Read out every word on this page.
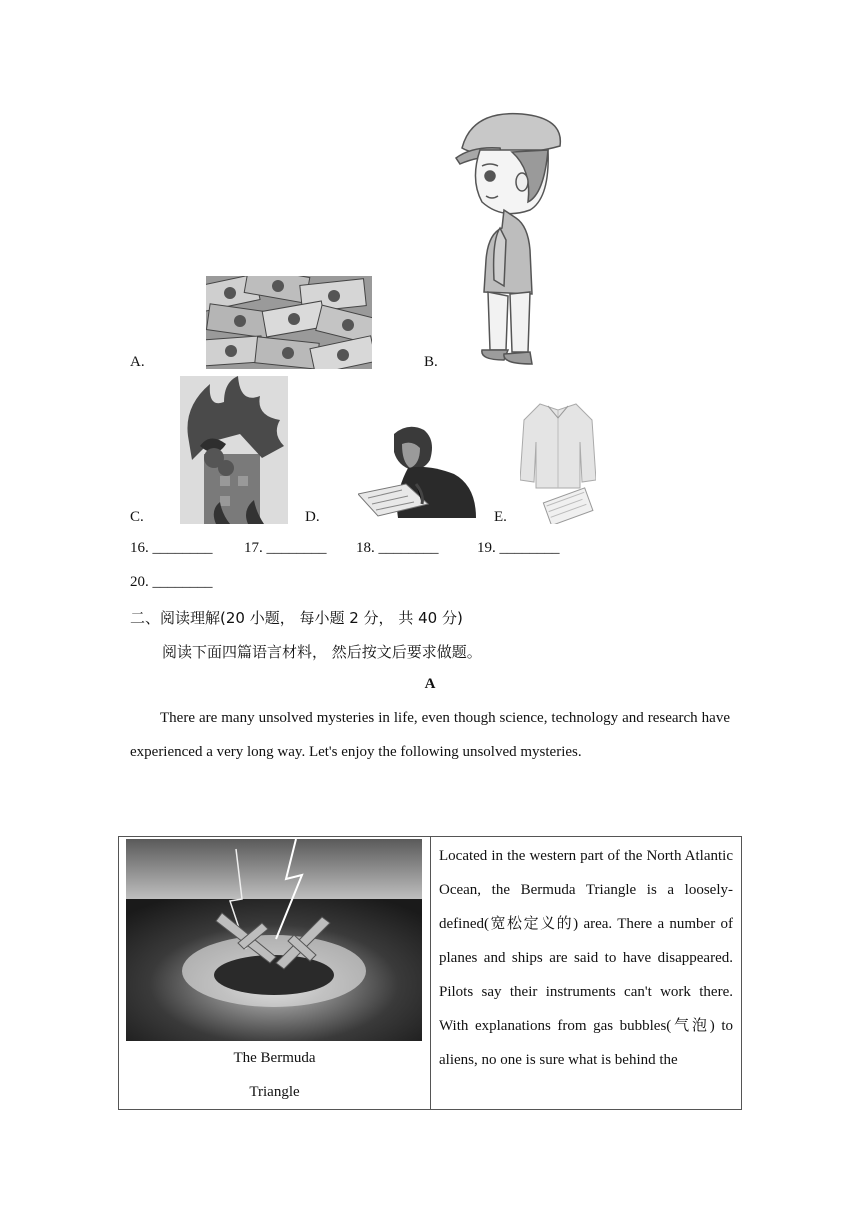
A.	B.
C.	D.	E.
16. ________ 17. ________ 18. ________	19. ________
20. ________
二、阅读理解(20 小题， 每小题 2 分， 共 40 分)
阅读下面四篇语言材料， 然后按文后要求做题。
A
There are many unsolved mysteries in life, even though science, technology and research have experienced a very long way. Let's enjoy the following unsolved mysteries.
The Bermuda
Triangle

Located in the western part of the North Atlantic Ocean, the Bermuda Triangle is a loosely-defined(宽松定义的) area. There a number of planes and ships are said to have disappeared. Pilots say their instruments can't work there. With explanations from gas bubbles(气泡) to aliens, no one is sure what is behind the
